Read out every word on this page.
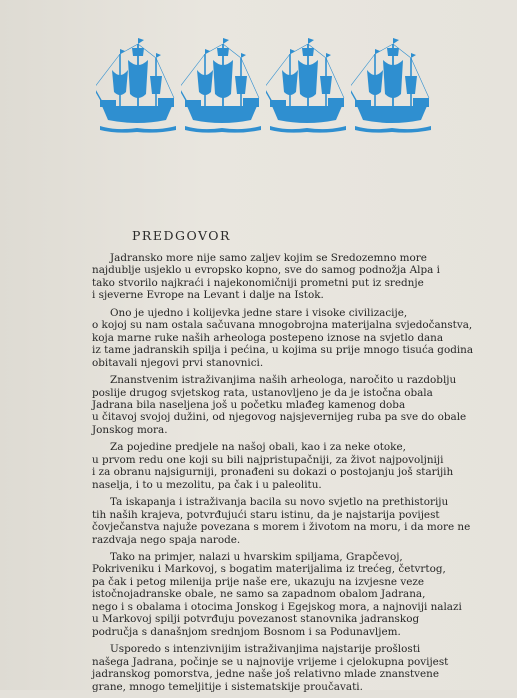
PREDGOVOR
Jadransko more nije samo zaljev kojim se Sredozemno more
najdublje usjeklo u evropsko kopno, sve do samog podnožja Alpa i
tako stvorilo najkraći i najekonomičniji prometni put iz srednje
i sjeverne Evrope na Levant i dalje na Istok.
Ono je ujedno i kolijevka jedne stare i visoke civilizacije,
o kojoj su nam ostala sačuvana mnogobrojna materijalna svjedočanstva,
koja marne ruke naših arheologa postepeno iznose na svjetlo dana
iz tame jadranskih spilja i pećina, u kojima su prije mnogo tisuća godina
obitavali njegovi prvi stanovnici.
Znanstvenim istraživanjima naših arheologa, naročito u razdoblju
poslije drugog svjetskog rata, ustanovljeno je da je istočna obala
Jadrana bila naseljena još u početku mlađeg kamenog doba
u čitavoj svojoj dužini, od njegovog najsjevernijeg ruba pa sve do obale
Jonskog mora.
Za pojedine predjele na našoj obali, kao i za neke otoke,
u prvom redu one koji su bili najpristupačniji, za život najpovoljniji
i za obranu najsigurniji, pronađeni su dokazi o postojanju još starijih
naselja, i to u mezolitu, pa čak i u paleolitu.
Ta iskapanja i istraživanja bacila su novo svjetlo na prethistoriju
tih naših krajeva, potvrđujući staru istinu, da je najstarija povijest
čovječanstva najuže povezana s morem i životom na moru, i da more ne
razdvaja nego spaja narode.
Tako na primjer, nalazi u hvarskim spiljama, Grapčevoj,
Pokriveniku i Markovoj, s bogatim materijalima iz trećeg, četvrtog,
pa čak i petog milenija prije naše ere, ukazuju na izvjesne veze
istočnojadranske obale, ne samo sa zapadnom obalom Jadrana,
nego i s obalama i otocima Jonskog i Egejskog mora, a najnoviji nalazi
u Markovoj spilji potvrđuju povezanost stanovnika jadranskog
područja s današnjom srednjom Bosnom i sa Podunavljem.
Usporedo s intenzivnijim istraživanjima najstarije prošlosti
našega Jadrana, počinje se u najnovije vrijeme i cjelokupna povijest
jadranskog pomorstva, jedne naše još relativno mlade znanstvene
grane, mnogo temeljitije i sistematskije proučavati.
